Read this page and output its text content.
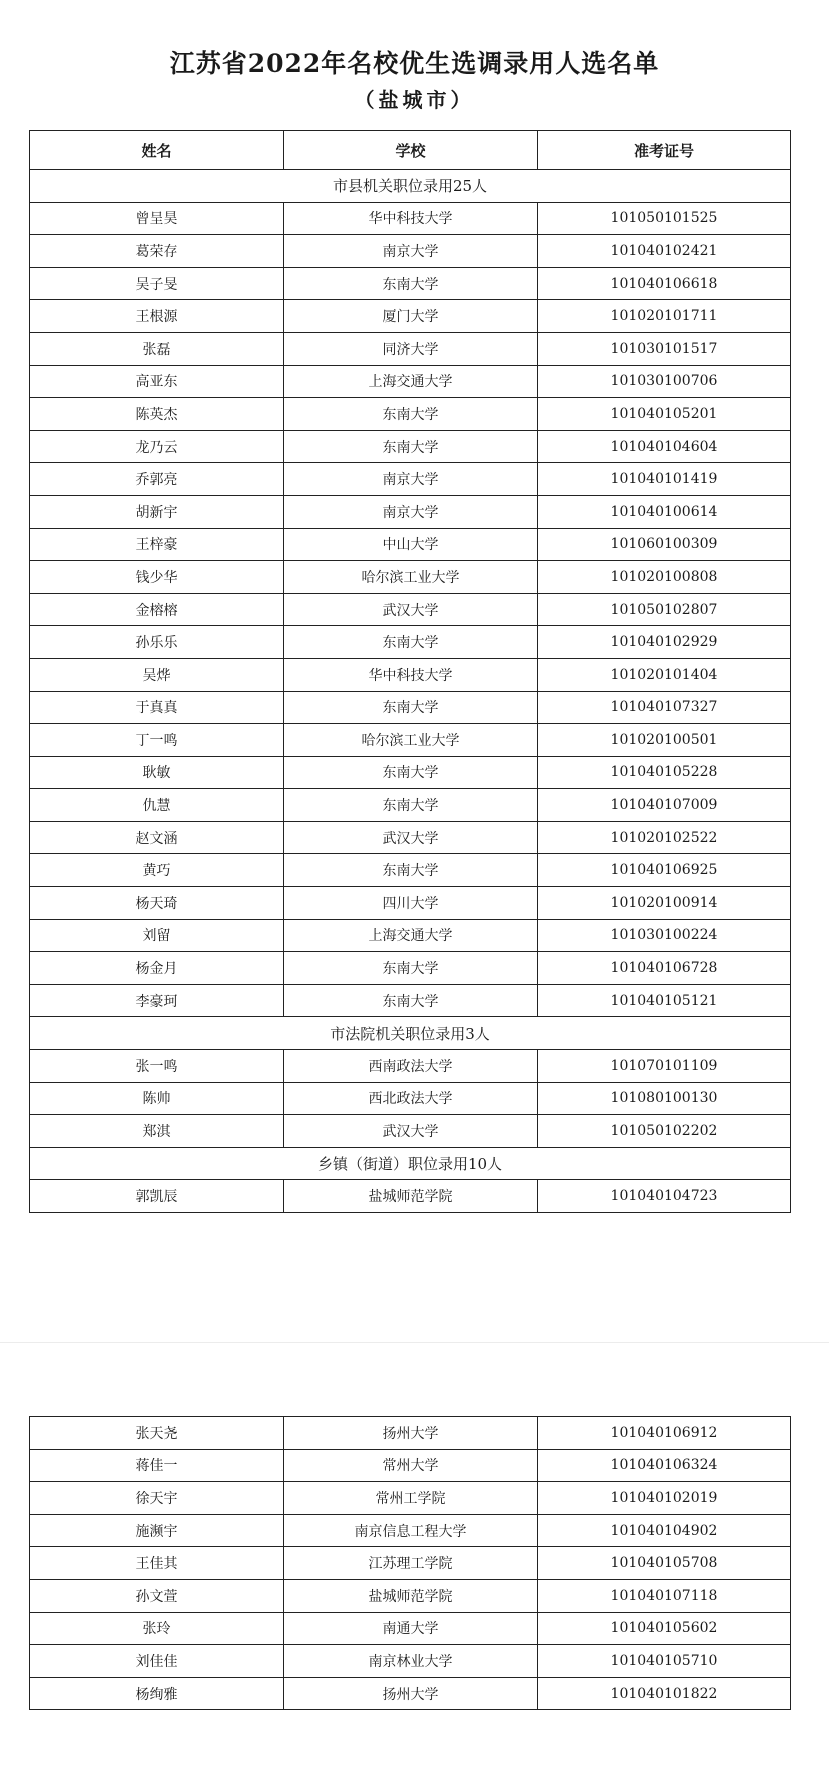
江苏省2022年名校优生选调录用人选名单
（盐城市）
姓名	学校	准考证号
市县机关职位录用25人		
曾呈昊	华中科技大学	101050101525
葛荣存	南京大学	101040102421
吴子旻	东南大学	101040106618
王根源	厦门大学	101020101711
张磊	同济大学	101030101517
高亚东	上海交通大学	101030100706
陈英杰	东南大学	101040105201
龙乃云	东南大学	101040104604
乔郭亮	南京大学	101040101419
胡新宇	南京大学	101040100614
王梓豪	中山大学	101060100309
钱少华	哈尔滨工业大学	101020100808
金榕榕	武汉大学	101050102807
孙乐乐	东南大学	101040102929
吴烨	华中科技大学	101020101404
于真真	东南大学	101040107327
丁一鸣	哈尔滨工业大学	101020100501
耿敏	东南大学	101040105228
仇慧	东南大学	101040107009
赵文涵	武汉大学	101020102522
黄巧	东南大学	101040106925
杨天琦	四川大学	101020100914
刘留	上海交通大学	101030100224
杨金月	东南大学	101040106728
李豪珂	东南大学	101040105121
市法院机关职位录用3人		
张一鸣	西南政法大学	101070101109
陈帅	西北政法大学	101080100130
郑淇	武汉大学	101050102202
乡镇（街道）职位录用10人		
郭凯辰	盐城师范学院	101040104723
张天尧	扬州大学	101040106912
蒋佳一	常州大学	101040106324
徐天宇	常州工学院	101040102019
施濒宇	南京信息工程大学	101040104902
王佳其	江苏理工学院	101040105708
孙文萱	盐城师范学院	101040107118
张玲	南通大学	101040105602
刘佳佳	南京林业大学	101040105710
杨绚雅	扬州大学	101040101822
